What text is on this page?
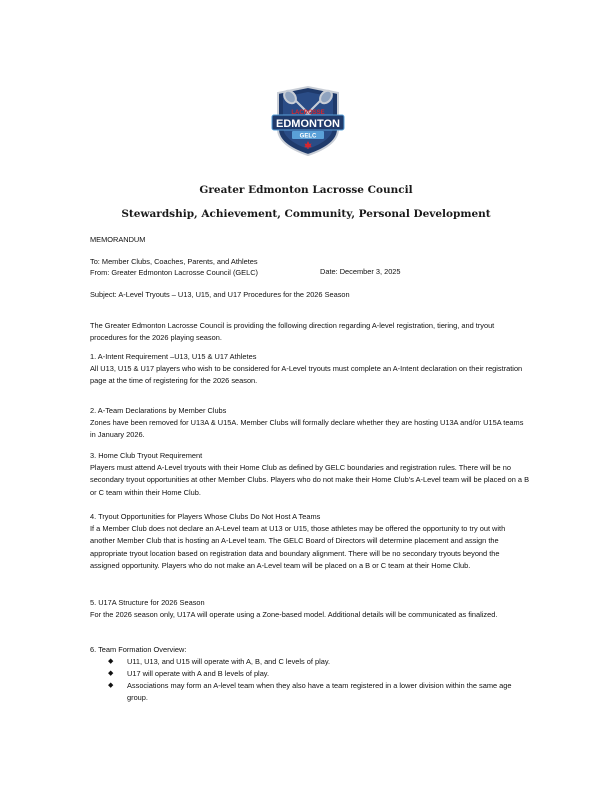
LACROSSE
EDMONTON
GELC
Greater Edmonton Lacrosse Council
Stewardship, Achievement, Community, Personal Development

MEMORANDUM

To: Member Clubs, Coaches, Parents, and Athletes

From: Greater Edmonton Lacrosse Council (GELC)	Date: December 3, 2025

Subject: A-Level Tryouts – U13, U15, and U17 Procedures for the 2026 Season

The Greater Edmonton Lacrosse Council is providing the following direction regarding A-level registration, tiering, and tryout procedures for the 2026 playing season.

1. A-Intent Requirement –U13, U15 & U17 Athletes

All U13, U15 & U17 players who wish to be considered for A-Level tryouts must complete an A-Intent declaration on their registration page at the time of registering for the 2026 season.

2. A-Team Declarations by Member Clubs

Zones have been removed for U13A & U15A. Member Clubs will formally declare whether they are hosting U13A and/or U15A teams in January 2026.

3. Home Club Tryout Requirement

Players must attend A-Level tryouts with their Home Club as defined by GELC boundaries and registration rules. There will be no secondary tryout opportunities at other Member Clubs. Players who do not make their Home Club’s A-Level team will be placed on a B or C team within their Home Club.

4. Tryout Opportunities for Players Whose Clubs Do Not Host A Teams

If a Member Club does not declare an A-Level team at U13 or U15, those athletes may be offered the opportunity to try out with another Member Club that is hosting an A-Level team. The GELC Board of Directors will determine placement and assign the appropriate tryout location based on registration data and boundary alignment. There will be no secondary tryouts beyond the assigned opportunity. Players who do not make an A-Level team will be placed on a B or C team at their Home Club.

5. U17A Structure for 2026 Season

For the 2026 season only, U17A will operate using a Zone-based model. Additional details will be communicated as finalized.

6. Team Formation Overview:

◆ U11, U13, and U15 will operate with A, B, and C levels of play.
◆ U17 will operate with A and B levels of play.
◆ Associations may form an A-level team when they also have a team registered in a lower division within the same age group.
